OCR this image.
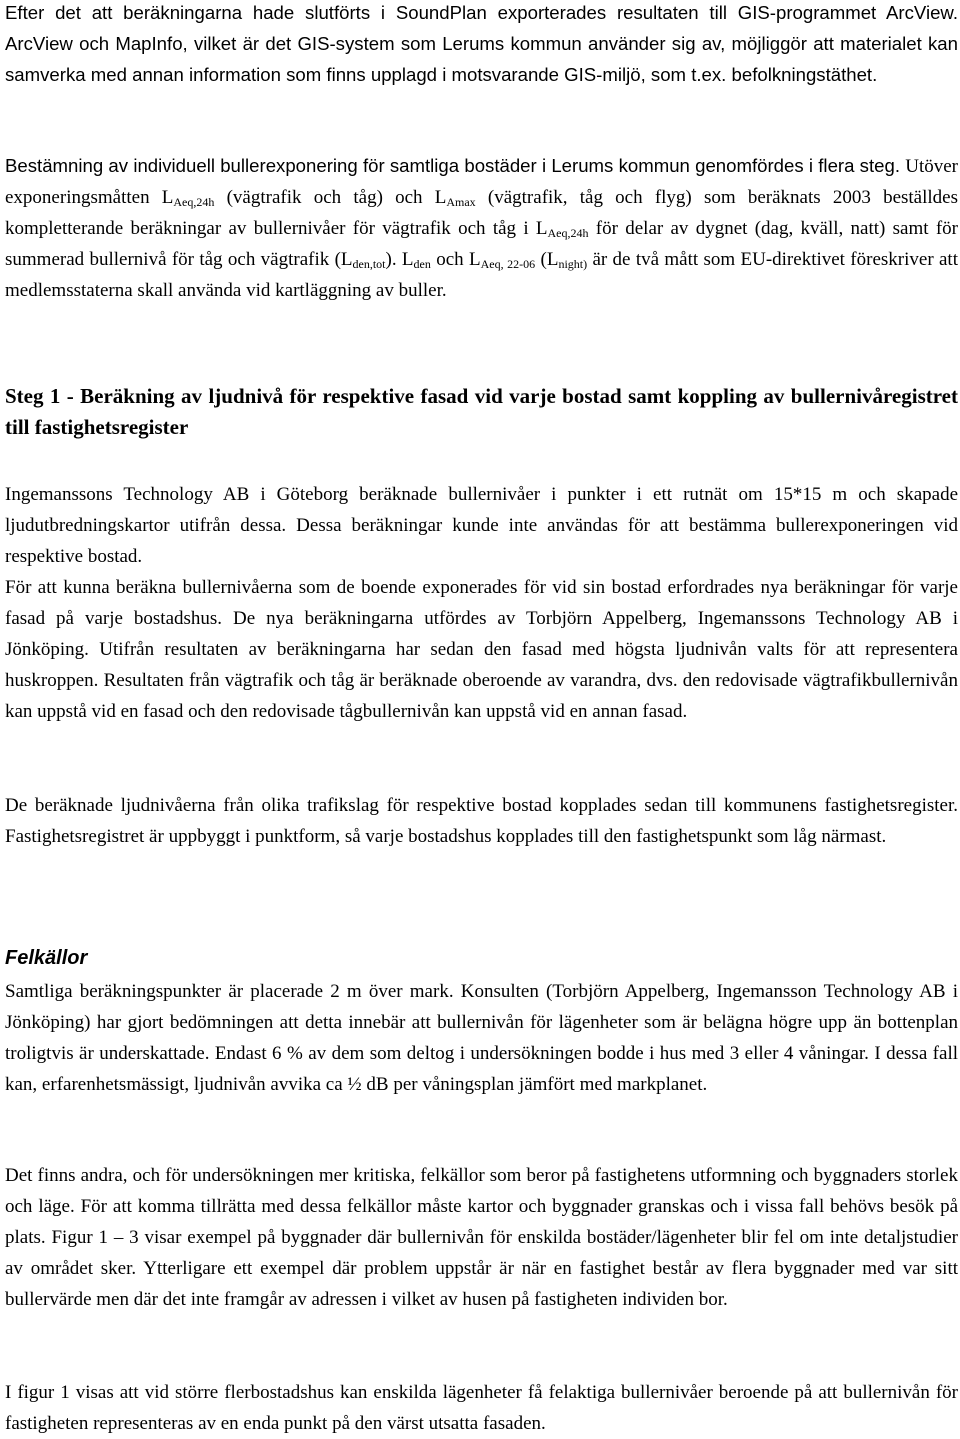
Efter det att beräkningarna hade slutförts i SoundPlan exporterades resultaten till GIS-programmet ArcView. ArcView och MapInfo, vilket är det GIS-system som Lerums kommun använder sig av, möjliggör att materialet kan samverka med annan information som finns upplagd i motsvarande GIS-miljö, som t.ex. befolkningstäthet.

Bestämning av individuell bullerexponering för samtliga bostäder i Lerums kommun genomfördes i flera steg. Utöver exponeringsmåtten $L_{Aeq,24h}$ (vägtrafik och tåg) och $L_{Amax}$ (vägtrafik, tåg och flyg) som beräknats 2003 beställdes kompletterande beräkningar av bullernivåer för vägtrafik och tåg i $L_{Aeq,24h}$ för delar av dygnet (dag, kväll, natt) samt för summerad bullernivå för tåg och vägtrafik $(L_{den,tot})$. $L_{den}$ och $L_{Aeq, 22-06}$ ($L_{night)}$ är de två mått som EU-direktivet föreskriver att medlemsstaterna skall använda vid kartläggning av buller.

Steg 1 - Beräkning av ljudnivå för respektive fasad vid varje bostad samt koppling av bullernivåregistret till fastighetsregister

Ingemanssons Technology AB i Göteborg beräknade bullernivåer i punkter i ett rutnät om 15*15 m och skapade ljudutbredningskartor utifrån dessa. Dessa beräkningar kunde inte användas för att bestämma bullerexponeringen vid respektive bostad.

För att kunna beräkna bullernivåerna som de boende exponerades för vid sin bostad erfordrades nya beräkningar för varje fasad på varje bostadshus. De nya beräkningarna utfördes av Torbjörn Appelberg, Ingemanssons Technology AB i Jönköping. Utifrån resultaten av beräkningarna har sedan den fasad med högsta ljudnivån valts för att representera huskroppen. Resultaten från vägtrafik och tåg är beräknade oberoende av varandra, dvs. den redovisade vägtrafikbullernivån kan uppstå vid en fasad och den redovisade tågbullernivån kan uppstå vid en annan fasad.

De beräknade ljudnivåerna från olika trafikslag för respektive bostad kopplades sedan till kommunens fastighetsregister. Fastighetsregistret är uppbyggt i punktform, så varje bostadshus kopplades till den fastighetspunkt som låg närmast.

Felkällor

Samtliga beräkningspunkter är placerade 2 m över mark. Konsulten (Torbjörn Appelberg, Ingemansson Technology AB i Jönköping) har gjort bedömningen att detta innebär att bullernivån för lägenheter som är belägna högre upp än bottenplan troligtvis är underskattade. Endast 6 % av dem som deltog i undersökningen bodde i hus med 3 eller 4 våningar. I dessa fall kan, erfarenhetsmässigt, ljudnivån avvika ca ½ dB per våningsplan jämfört med markplanet.

Det finns andra, och för undersökningen mer kritiska, felkällor som beror på fastighetens utformning och byggnaders storlek och läge. För att komma tillrätta med dessa felkällor måste kartor och byggnader granskas och i vissa fall behövs besök på plats. Figur 1 – 3 visar exempel på byggnader där bullernivån för enskilda bostäder/lägenheter blir fel om inte detaljstudier av området sker. Ytterligare ett exempel där problem uppstår är när en fastighet består av flera byggnader med var sitt bullervärde men där det inte framgår av adressen i vilket av husen på fastigheten individen bor.

I figur 1 visas att vid större flerbostadshus kan enskilda lägenheter få felaktiga bullernivåer beroende på att bullernivån för fastigheten representeras av en enda punkt på den värst utsatta fasaden.
